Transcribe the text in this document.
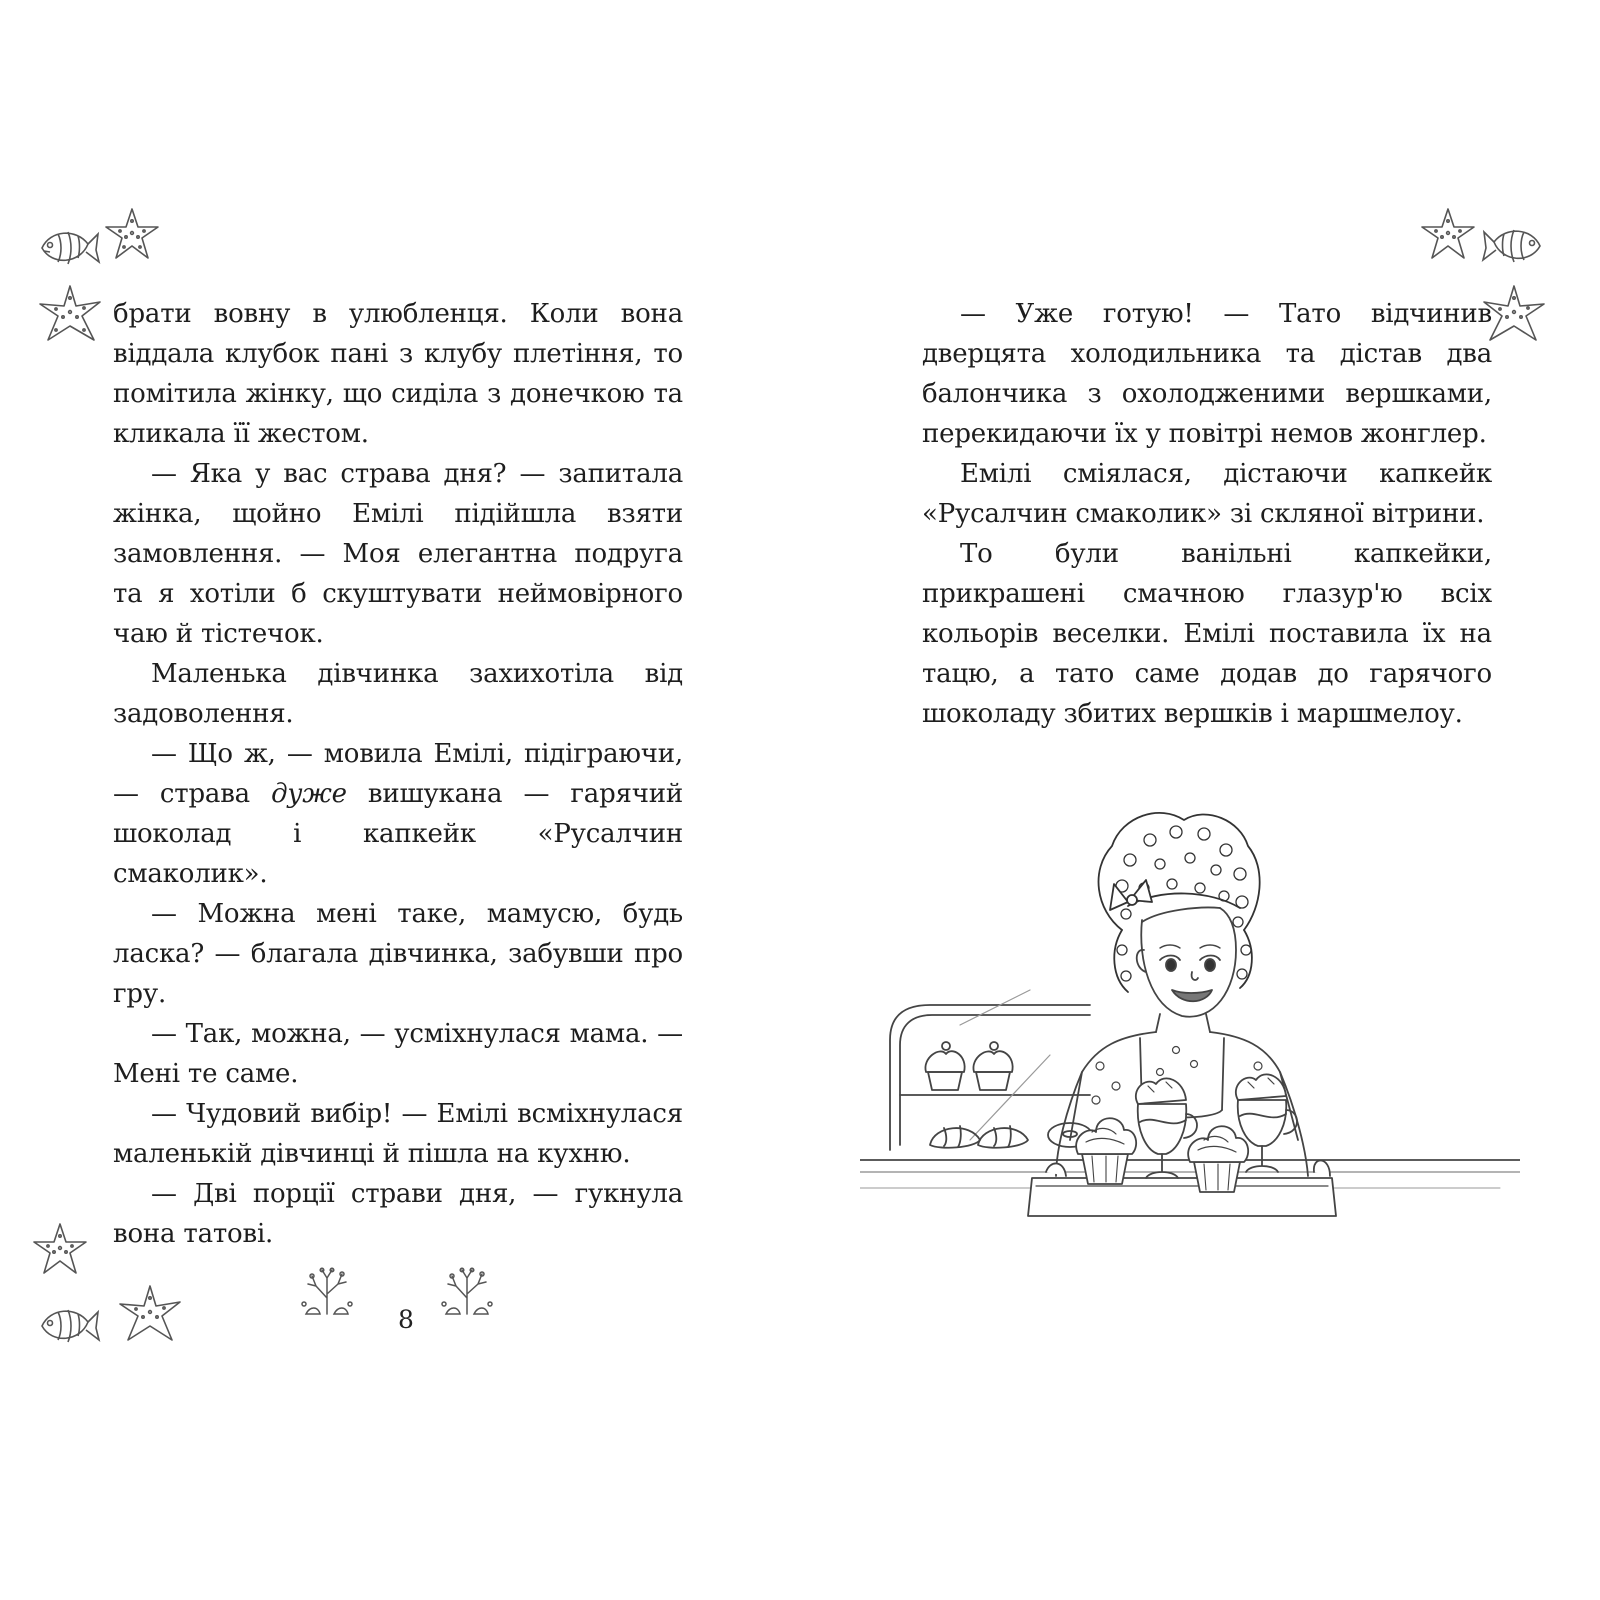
брати вовну в улюбленця. Коли вона віддала клубок пані з клубу плетіння, то помітила жінку, що сиділа з донечкою та кликала її жестом.

— Яка у вас страва дня? — запитала жінка, щойно Емілі підійшла взяти замовлення. — Моя елегантна подруга та я хотіли б скуштувати неймовірного чаю й тістечок.

Маленька дівчинка захихотіла від задоволення.

— Що ж, — мовила Емілі, підіграючи, — страва дуже вишукана — гарячий шоколад і капкейк «Русалчин смаколик».

— Можна мені таке, мамусю, будь ласка? — благала дівчинка, забувши про гру.

— Так, можна, — усміхнулася мама. — Мені те саме.

— Чудовий вибір! — Емілі всміхнулася маленькій дівчинці й пішла на кухню.

— Дві порції страви дня, — гукнула вона татові.

— Уже готую! — Тато відчинив дверцята холодильника та дістав два балончика з охолодженими вершками, перекидаючи їх у повітрі немов жонглер.

Емілі сміялася, дістаючи капкейк «Русалчин смаколик» зі скляної вітрини.

То були ванільні капкейки, прикрашені смачною глазур'ю всіх кольорів веселки. Емілі поставила їх на тацю, а тато саме додав до гарячого шоколаду збитих вершків і маршмелоу.

8
